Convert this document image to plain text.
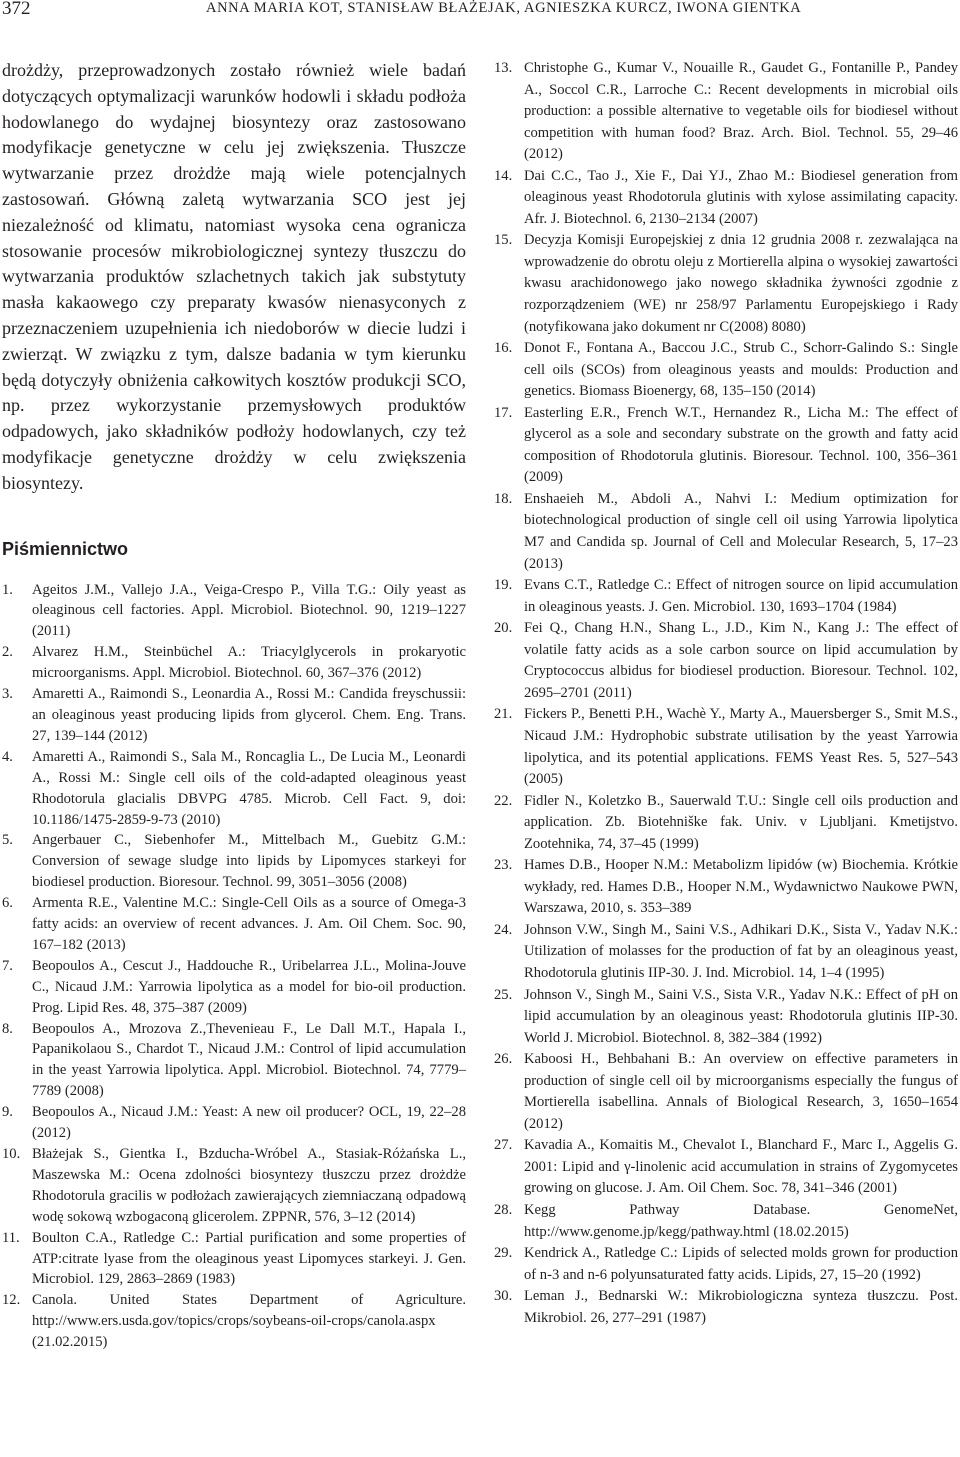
372	ANNA MARIA KOT, STANISŁAW BŁAŻEJAK, AGNIESZKA KURCZ, IWONA GIENTKA

drożdży, przeprowadzonych zostało również wiele badań dotyczących optymalizacji warunków hodowli i składu podłoża hodowlanego do wydajnej biosyntezy oraz zastosowano modyfikacje genetyczne w celu jej zwiększenia. Tłuszcze wytwarzanie przez drożdże mają wiele potencjalnych zastosowań. Główną zaletą wytwarzania SCO jest jej niezależność od klimatu, natomiast wysoka cena ogranicza stosowanie procesów mikrobiologicznej syntezy tłuszczu do wytwarzania produktów szlachetnych takich jak substytuty masła kakaowego czy preparaty kwasów nienasyconych z przeznaczeniem uzupełnienia ich niedoborów w diecie ludzi i zwierząt. W związku z tym, dalsze badania w tym kierunku będą dotyczyły obniżenia całkowitych kosztów produkcji SCO, np. przez wykorzystanie przemysłowych produktów odpadowych, jako składników podłoży hodowlanych, czy też modyfikacje genetyczne drożdży w celu zwiększenia biosyntezy.

Piśmiennictwo
1.	Ageitos J.M., Vallejo J.A., Veiga-Crespo P., Villa T.G.: Oily yeast as oleaginous cell factories. Appl. Microbiol. Biotechnol. 90, 1219–1227 (2011)
2.	Alvarez H.M., Steinbüchel A.: Triacylglycerols in prokaryotic microorganisms. Appl. Microbiol. Biotechnol. 60, 367–376 (2012)
3.	Amaretti A., Raimondi S., Leonardia A., Rossi M.: Candida freyschussii: an oleaginous yeast producing lipids from glycerol. Chem. Eng. Trans. 27, 139–144 (2012)
4.	Amaretti A., Raimondi S., Sala M., Roncaglia L., De Lucia M., Leonardi A., Rossi M.: Single cell oils of the cold-adapted oleaginous yeast Rhodotorula glacialis DBVPG 4785. Microb. Cell Fact. 9, doi: 10.1186/1475-2859-9-73 (2010)
5.	Angerbauer C., Siebenhofer M., Mittelbach M., Guebitz G.M.: Conversion of sewage sludge into lipids by Lipomyces starkeyi for biodiesel production. Bioresour. Technol. 99, 3051–3056 (2008)
6.	Armenta R.E., Valentine M.C.: Single-Cell Oils as a source of Omega-3 fatty acids: an overview of recent advances. J. Am. Oil Chem. Soc. 90, 167–182 (2013)
7.	Beopoulos A., Cescut J., Haddouche R., Uribelarrea J.L., Molina-Jouve C., Nicaud J.M.: Yarrowia lipolytica as a model for bio-oil production. Prog. Lipid Res. 48, 375–387 (2009)
8.	Beopoulos A., Mrozova Z.,Thevenieau F., Le Dall M.T., Hapala I., Papanikolaou S., Chardot T., Nicaud J.M.: Control of lipid accumulation in the yeast Yarrowia lipolytica. Appl. Microbiol. Biotechnol. 74, 7779–7789 (2008)
9.	Beopoulos A., Nicaud J.M.: Yeast: A new oil producer? OCL, 19, 22–28 (2012)
10. Błażejak S., Gientka I., Bzducha-Wróbel A., Stasiak-Różańska L., Maszewska M.: Ocena zdolności biosyntezy tłuszczu przez drożdże Rhodotorula gracilis w podłożach zawierających ziemniaczaną odpadową wodę sokową wzbogaconą glicerolem. ZPPNR, 576, 3–12 (2014)
11. Boulton C.A., Ratledge C.: Partial purification and some properties of ATP:citrate lyase from the oleaginous yeast Lipomyces starkeyi. J. Gen. Microbiol. 129, 2863–2869 (1983)
12. Canola. United States Department of Agriculture. http://www.ers.usda.gov/topics/crops/soybeans-oil-crops/canola.aspx (21.02.2015)
13. Christophe G., Kumar V., Nouaille R., Gaudet G., Fontanille P., Pandey A., Soccol C.R., Larroche C.: Recent developments in microbial oils production: a possible alternative to vegetable oils for biodiesel without competition with human food? Braz. Arch. Biol. Technol. 55, 29–46 (2012)
14. Dai C.C., Tao J., Xie F., Dai YJ., Zhao M.: Biodiesel generation from oleaginous yeast Rhodotorula glutinis with xylose assimilating capacity. Afr. J. Biotechnol. 6, 2130–2134 (2007)
15. Decyzja Komisji Europejskiej z dnia 12 grudnia 2008 r. zezwalająca na wprowadzenie do obrotu oleju z Mortierella alpina o wysokiej zawartości kwasu arachidonowego jako nowego składnika żywności zgodnie z rozporządzeniem (WE) nr 258/97 Parlamentu Europejskiego i Rady (notyfikowana jako dokument nr C(2008) 8080)
16. Donot F., Fontana A., Baccou J.C., Strub C., Schorr-Galindo S.: Single cell oils (SCOs) from oleaginous yeasts and moulds: Production and genetics. Biomass Bioenergy, 68, 135–150 (2014)
17. Easterling E.R., French W.T., Hernandez R., Licha M.: The effect of glycerol as a sole and secondary substrate on the growth and fatty acid composition of Rhodotorula glutinis. Bioresour. Technol. 100, 356–361 (2009)
18. Enshaeieh M., Abdoli A., Nahvi I.: Medium optimization for biotechnological production of single cell oil using Yarrowia lipolytica M7 and Candida sp. Journal of Cell and Molecular Research, 5, 17–23 (2013)
19. Evans C.T., Ratledge C.: Effect of nitrogen source on lipid accumulation in oleaginous yeasts. J. Gen. Microbiol. 130, 1693–1704 (1984)
20. Fei Q., Chang H.N., Shang L., J.D., Kim N., Kang J.: The effect of volatile fatty acids as a sole carbon source on lipid accumulation by Cryptococcus albidus for biodiesel production. Bioresour. Technol. 102, 2695–2701 (2011)
21. Fickers P., Benetti P.H., Wachè Y., Marty A., Mauersberger S., Smit M.S., Nicaud J.M.: Hydrophobic substrate utilisation by the yeast Yarrowia lipolytica, and its potential applications. FEMS Yeast Res. 5, 527–543 (2005)
22. Fidler N., Koletzko B., Sauerwald T.U.: Single cell oils production and application. Zb. Biotehniške fak. Univ. v Ljubljani. Kmetijstvo. Zootehnika, 74, 37–45 (1999)
23. Hames D.B., Hooper N.M.: Metabolizm lipidów (w) Biochemia. Krótkie wykłady, red. Hames D.B., Hooper N.M., Wydawnictwo Naukowe PWN, Warszawa, 2010, s. 353–389
24. Johnson V.W., Singh M., Saini V.S., Adhikari D.K., Sista V., Yadav N.K.: Utilization of molasses for the production of fat by an oleaginous yeast, Rhodotorula glutinis IIP-30. J. Ind. Microbiol. 14, 1–4 (1995)
25. Johnson V., Singh M., Saini V.S., Sista V.R., Yadav N.K.: Effect of pH on lipid accumulation by an oleaginous yeast: Rhodotorula glutinis IIP-30. World J. Microbiol. Biotechnol. 8, 382–384 (1992)
26. Kaboosi H., Behbahani B.: An overview on effective parameters in production of single cell oil by microorganisms especially the fungus of Mortierella isabellina. Annals of Biological Research, 3, 1650–1654 (2012)
27. Kavadia A., Komaitis M., Chevalot I., Blanchard F., Marc I., Aggelis G. 2001: Lipid and γ-linolenic acid accumulation in strains of Zygomycetes growing on glucose. J. Am. Oil Chem. Soc. 78, 341–346 (2001)
28. Kegg Pathway Database. GenomeNet, http://www.genome.jp/kegg/pathway.html (18.02.2015)
29. Kendrick A., Ratledge C.: Lipids of selected molds grown for production of n-3 and n-6 polyunsaturated fatty acids. Lipids, 27, 15–20 (1992)
30. Leman J., Bednarski W.: Mikrobiologiczna synteza tłuszczu. Post. Mikrobiol. 26, 277–291 (1987)
